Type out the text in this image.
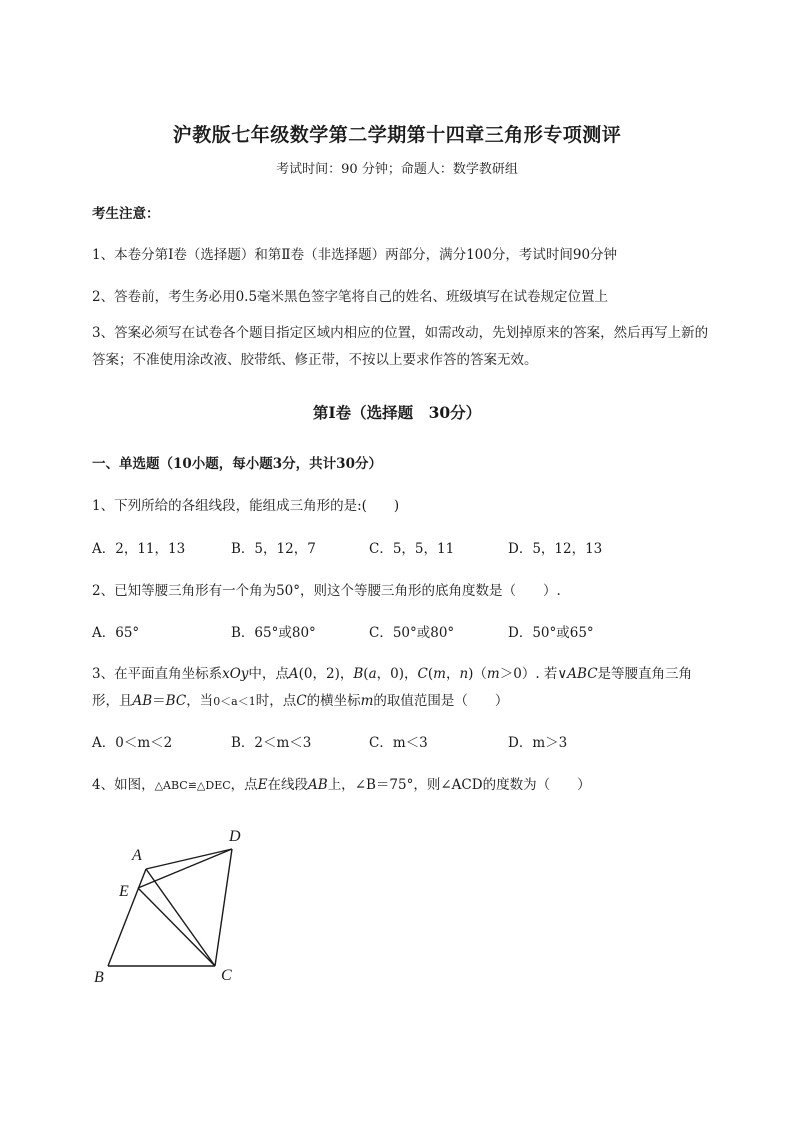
沪教版七年级数学第二学期第十四章三角形专项测评
考试时间：90 分钟；命题人：数学教研组
考生注意：
1、本卷分第Ⅰ卷（选择题）和第Ⅱ卷（非选择题）两部分，满分100分，考试时间90分钟
2、答卷前，考生务必用0.5毫米黑色签字笔将自己的姓名、班级填写在试卷规定位置上
3、答案必须写在试卷各个题目指定区域内相应的位置，如需改动，先划掉原来的答案，然后再写上新的答案；不准使用涂改液、胶带纸、修正带，不按以上要求作答的答案无效。
第Ⅰ卷（选择题　30分）
一、单选题（10小题，每小题3分，共计30分）
1、下列所给的各组线段，能组成三角形的是:(　　)
A．2，11，13	B．5，12，7	C．5，5，11	D．5，12，13
2、已知等腰三角形有一个角为50°，则这个等腰三角形的底角度数是（　　）.
A．65°	B．65°或80°	C．50°或80°	D．50°或65°
3、在平面直角坐标系xOy中，点A(0，2)，B(a，0)，C(m，n)（m＞0）. 若∨ABC是等腰直角三角
形，且AB＝BC，当0＜a＜1时，点C的横坐标m的取值范围是（　　）
A．0＜m＜2	B．2＜m＜3	C．m＜3	D．m＞3
4、如图，△ABC≌△DEC，点E在线段AB上，∠B＝75°，则∠ACD的度数为（　　）
A
B	C
D
E
